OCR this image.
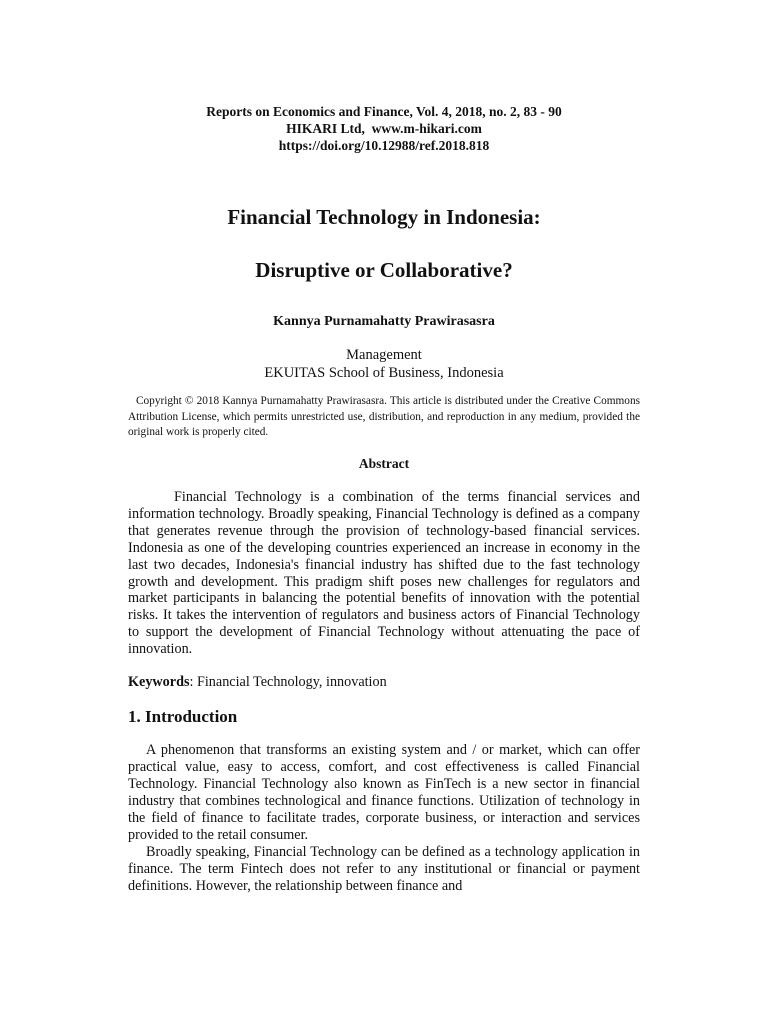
Reports on Economics and Finance, Vol. 4, 2018, no. 2, 83 - 90
HIKARI Ltd,  www.m-hikari.com
https://doi.org/10.12988/ref.2018.818
Financial Technology in Indonesia:
Disruptive or Collaborative?
Kannya Purnamahatty Prawirasasra
Management
EKUITAS School of Business, Indonesia
Copyright © 2018 Kannya Purnamahatty Prawirasasra. This article is distributed under the Creative Commons Attribution License, which permits unrestricted use, distribution, and reproduction in any medium, provided the original work is properly cited.
Abstract
Financial Technology is a combination of the terms financial services and information technology. Broadly speaking, Financial Technology is defined as a company that generates revenue through the provision of technology-based financial services. Indonesia as one of the developing countries experienced an increase in economy in the last two decades, Indonesia's financial industry has shifted due to the fast technology growth and development. This pradigm shift poses new challenges for regulators and market participants in balancing the potential benefits of innovation with the potential risks. It takes the intervention of regulators and business actors of Financial Technology to support the development of Financial Technology without attenuating the pace of innovation.
Keywords: Financial Technology, innovation
1. Introduction
A phenomenon that transforms an existing system and / or market, which can offer practical value, easy to access, comfort, and cost effectiveness is called Financial Technology. Financial Technology also known as FinTech is a new sector in financial industry that combines technological and finance functions. Utilization of technology in the field of finance to facilitate trades, corporate business, or interaction and services provided to the retail consumer.
Broadly speaking, Financial Technology can be defined as a technology application in finance. The term Fintech does not refer to any institutional or financial or payment definitions. However, the relationship between finance and
